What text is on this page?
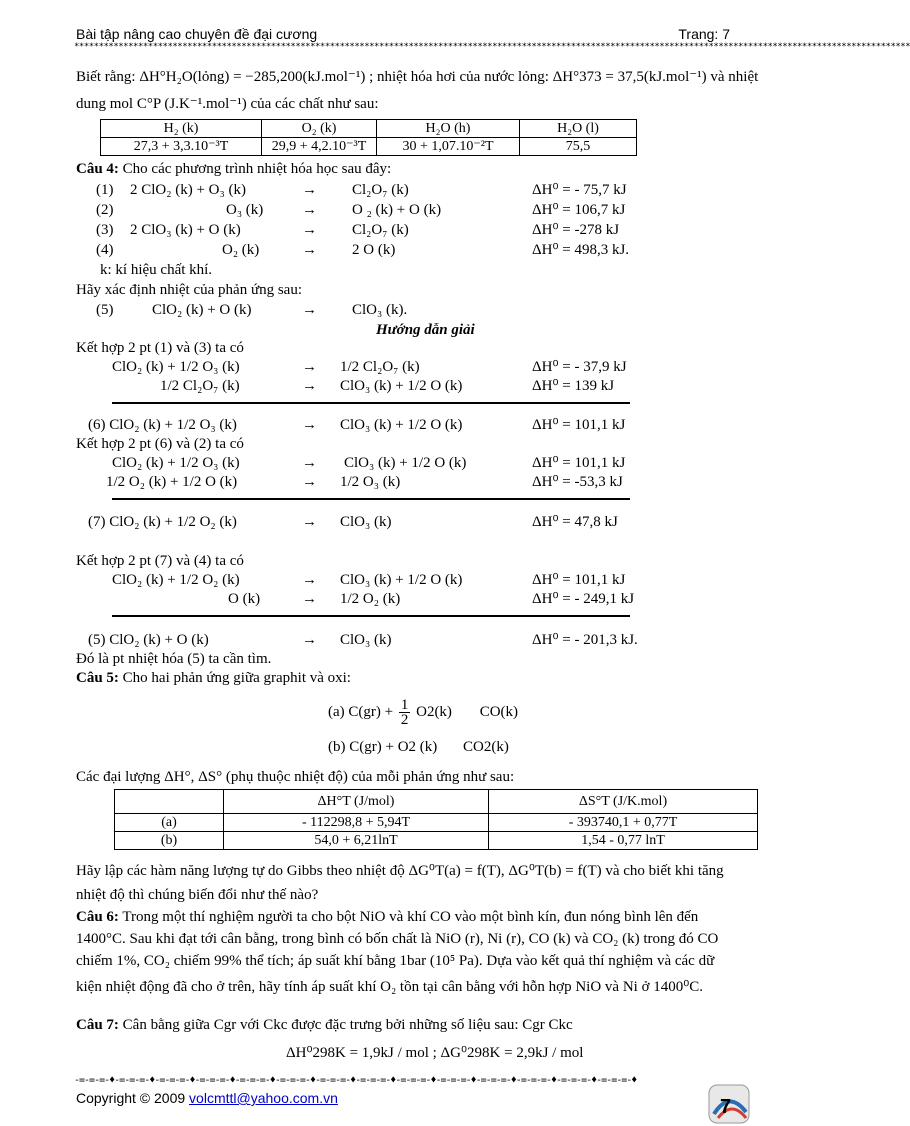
Bài tập nâng cao chuyên đề đại cương	Trang: 7
**************************************************************************************************************************************************************************
Biết rằng: ΔH°H₂O(lỏng) = −285,200(kJ.mol⁻¹) ; nhiệt hóa hơi của nước lỏng: ΔH°373 = 37,5(kJ.mol⁻¹) và nhiệt
dung mol C°P (J.K⁻¹.mol⁻¹) của các chất như sau:
H₂ (k)	O₂ (k)	H₂O (h)	H₂O (l)
27,3 + 3,3.10⁻³T	29,9 + 4,2.10⁻³T	30 + 1,07.10⁻²T	75,5
Câu 4: Cho các phương trình nhiệt hóa học sau đây:
(1) 2 ClO₂ (k) + O₃ (k)	→ Cl₂O₇ (k)	ΔH⁰ = - 75,7 kJ
(2)	O₃ (k)	→ O ₂ (k) + O (k)	ΔH⁰ = 106,7 kJ
(3) 2 ClO₃ (k) + O (k)	→ Cl₂O₇ (k)	ΔH⁰ = -278 kJ
(4)	O₂ (k)	→ 2 O (k)	ΔH⁰ = 498,3 kJ.
k: kí hiệu chất khí.
Hãy xác định nhiệt của phản ứng sau:
(5)	ClO₂ (k) + O (k)	→ ClO₃ (k).
Hướng dẫn giải
Kết hợp 2 pt (1) và (3) ta có
ClO₂ (k) + 1/2 O₃ (k)	→ 1/2 Cl₂O₇ (k)	ΔH⁰ = - 37,9 kJ
1/2 Cl₂O₇ (k)	→ ClO₃ (k) + 1/2 O (k)	ΔH⁰ = 139 kJ
(6) ClO₂ (k) + 1/2 O₃ (k)	→ ClO₃ (k) + 1/2 O (k)	ΔH⁰ = 101,1 kJ
Kết hợp 2 pt (6) và (2) ta có
ClO₂ (k) + 1/2 O₃ (k)	→ ClO₃ (k) + 1/2 O (k)	ΔH⁰ = 101,1 kJ
1/2 O₂ (k) + 1/2 O (k)	→ 1/2 O₃ (k)	ΔH⁰ = -53,3 kJ
(7) ClO₂ (k) + 1/2 O₂ (k)	→ ClO₃ (k)	ΔH⁰ = 47,8 kJ
Kết hợp 2 pt (7) và (4) ta có
ClO₂ (k) + 1/2 O₂ (k)	→ ClO₃ (k) + 1/2 O (k)	ΔH⁰ = 101,1 kJ
O (k)	→ 1/2 O₂ (k)	ΔH⁰ = - 249,1 kJ
(5) ClO₂ (k) + O (k)	→ ClO₃ (k)	ΔH⁰ = - 201,3 kJ.
Đó là pt nhiệt hóa (5) ta cần tìm.
Câu 5: Cho hai phản ứng giữa graphit và oxi:
(a) $C(gr) + \frac{1}{2} O2(k)$ CO(k)
(b) C(gr) + O2 (k) CO2(k)
Các đại lượng ΔH°, ΔS° (phụ thuộc nhiệt độ) của mỗi phản ứng như sau:
	ΔH°T (J/mol)	ΔS°T (J/K.mol)
(a)	- 112298,8 + 5,94T	- 393740,1 + 0,77T
(b)	54,0 + 6,21lnT	1,54 - 0,77 lnT
Hãy lập các hàm năng lượng tự do Gibbs theo nhiệt độ ΔG⁰T(a) = f(T), ΔG⁰T(b) = f(T) và cho biết khi tăng
nhiệt độ thì chúng biến đổi như thế nào?
Câu 6: Trong một thí nghiệm người ta cho bột NiO và khí CO vào một bình kín, đun nóng bình lên đến
1400°C. Sau khi đạt tới cân bằng, trong bình có bốn chất là NiO (r), Ni (r), CO (k) và CO₂ (k) trong đó CO
chiếm 1%, CO₂ chiếm 99% thể tích; áp suất khí bằng 1bar (10⁵ Pa). Dựa vào kết quả thí nghiệm và các dữ
kiện nhiệt động đã cho ở trên, hãy tính áp suất khí O₂ tồn tại cân bằng với hỗn hợp NiO và Ni ở 1400⁰C.
Câu 7: Cân bằng giữa Cgr với Ckc được đặc trưng bởi những số liệu sau: Cgr Ckc
ΔH⁰298K = 1,9kJ / mol ; ΔG⁰298K = 2,9kJ / mol
-=-=-=-♦-=-=-=-♦-=-=-=-♦-=-=-=-♦-=-=-=-♦-=-=-=-♦-=-=-=-♦-=-=-=-♦-=-=-=-♦-=-=-=-♦-=-=-=-♦-=-=-=-♦-=-=-=-♦-=-=-=-♦
Copyright © 2009 volcmttl@yahoo.com.vn	7
